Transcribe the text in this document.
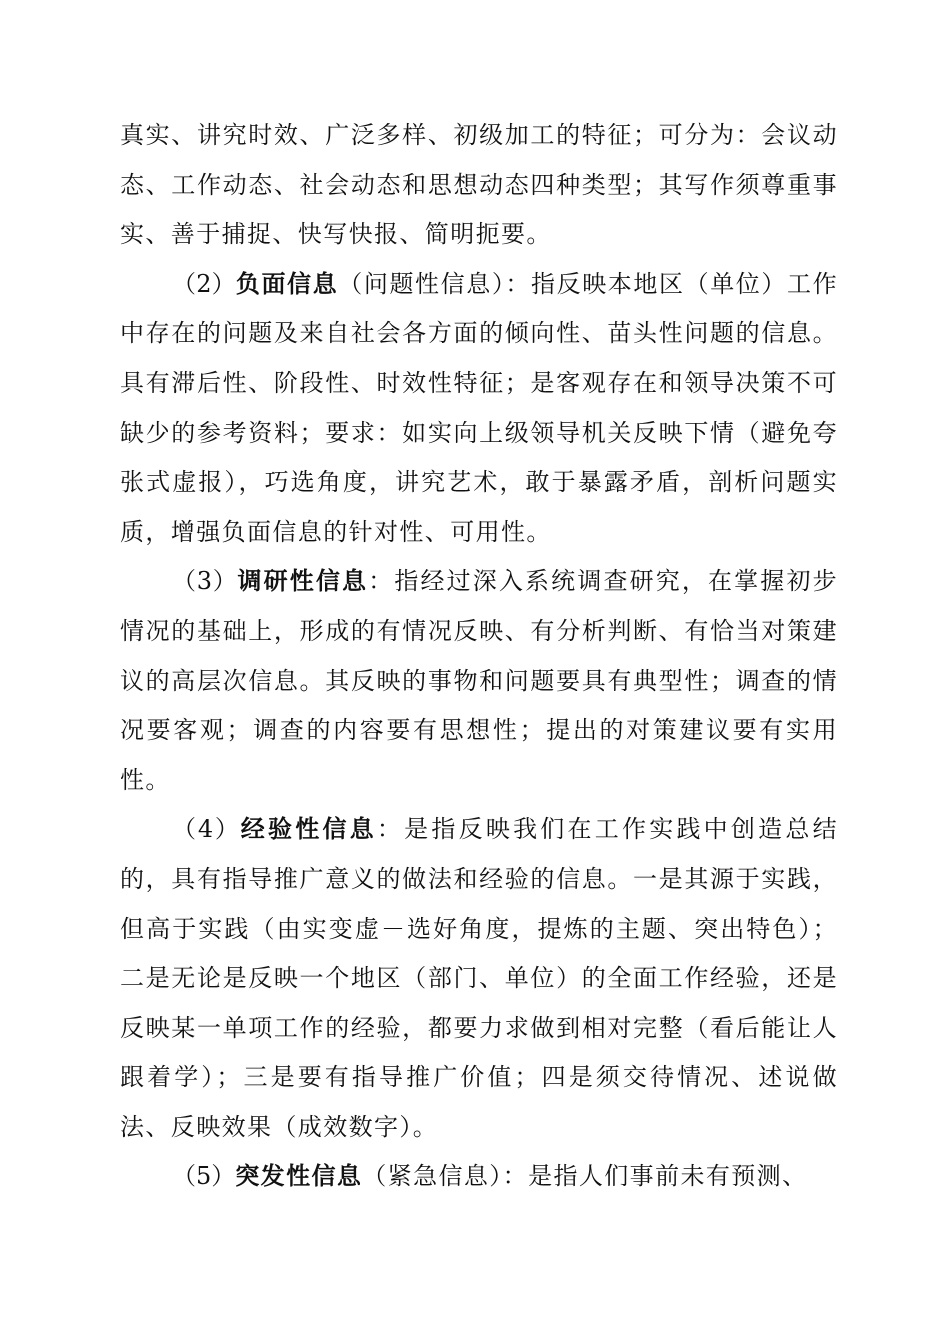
真实、讲究时效、广泛多样、初级加工的特征；可分为：会议动态、工作动态、社会动态和思想动态四种类型；其写作须尊重事实、善于捕捉、快写快报、简明扼要。

（2）负面信息（问题性信息）：指反映本地区（单位）工作中存在的问题及来自社会各方面的倾向性、苗头性问题的信息。具有滞后性、阶段性、时效性特征；是客观存在和领导决策不可缺少的参考资料；要求：如实向上级领导机关反映下情（避免夸张式虚报），巧选角度，讲究艺术，敢于暴露矛盾，剖析问题实质，增强负面信息的针对性、可用性。

（3）调研性信息：指经过深入系统调查研究，在掌握初步情况的基础上，形成的有情况反映、有分析判断、有恰当对策建议的高层次信息。其反映的事物和问题要具有典型性；调查的情况要客观；调查的内容要有思想性；提出的对策建议要有实用性。

（4）经验性信息：是指反映我们在工作实践中创造总结的，具有指导推广意义的做法和经验的信息。一是其源于实践，但高于实践（由实变虚－选好角度，提炼的主题、突出特色）；二是无论是反映一个地区（部门、单位）的全面工作经验，还是反映某一单项工作的经验，都要力求做到相对完整（看后能让人跟着学）；三是要有指导推广价值；四是须交待情况、述说做法、反映效果（成效数字）。

（5）突发性信息（紧急信息）：是指人们事前未有预测、
